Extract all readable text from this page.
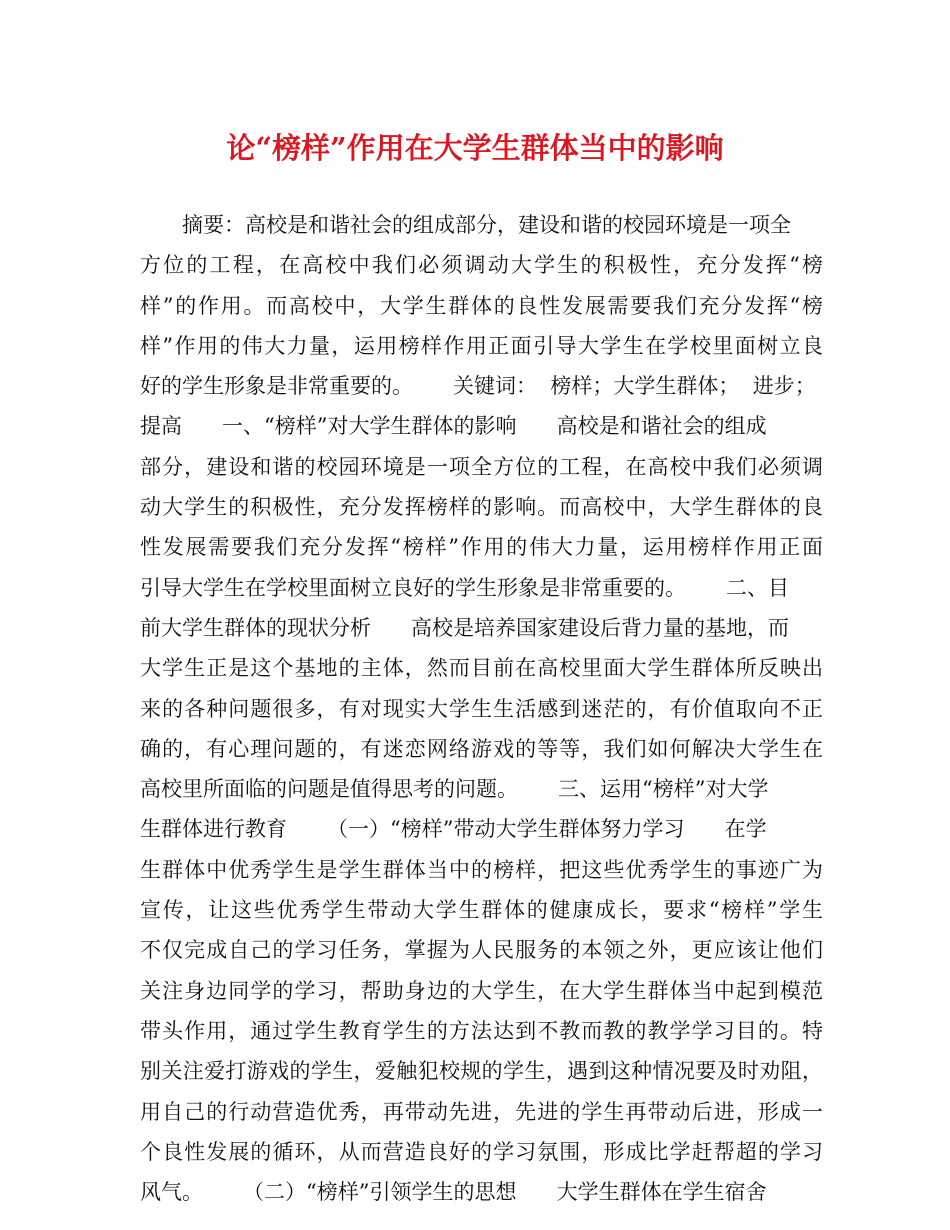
论“榜样”作用在大学生群体当中的影响
摘要：高校是和谐社会的组成部分，建设和谐的校园环境是一项全
方位的工程，在高校中我们必须调动大学生的积极性，充分发挥“榜
样”的作用。而高校中，大学生群体的良性发展需要我们充分发挥“榜
样”作用的伟大力量，运用榜样作用正面引导大学生在学校里面树立良
好的学生形象是非常重要的。      关键词：  榜样；大学生群体；  进步；
提高      一、“榜样”对大学生群体的影响      高校是和谐社会的组成
部分，建设和谐的校园环境是一项全方位的工程，在高校中我们必须调
动大学生的积极性，充分发挥榜样的影响。而高校中，大学生群体的良
性发展需要我们充分发挥“榜样”作用的伟大力量，运用榜样作用正面
引导大学生在学校里面树立良好的学生形象是非常重要的。      二、目
前大学生群体的现状分析      高校是培养国家建设后背力量的基地，而
大学生正是这个基地的主体，然而目前在高校里面大学生群体所反映出
来的各种问题很多，有对现实大学生生活感到迷茫的，有价值取向不正
确的，有心理问题的，有迷恋网络游戏的等等，我们如何解决大学生在
高校里所面临的问题是值得思考的问题。      三、运用“榜样”对大学
生群体进行教育      （一）“榜样”带动大学生群体努力学习      在学
生群体中优秀学生是学生群体当中的榜样，把这些优秀学生的事迹广为
宣传，让这些优秀学生带动大学生群体的健康成长，要求“榜样”学生
不仅完成自己的学习任务，掌握为人民服务的本领之外，更应该让他们
关注身边同学的学习，帮助身边的大学生，在大学生群体当中起到模范
带头作用，通过学生教育学生的方法达到不教而教的教学学习目的。特
别关注爱打游戏的学生，爱触犯校规的学生，遇到这种情况要及时劝阻，
用自己的行动营造优秀，再带动先进，先进的学生再带动后进，形成一
个良性发展的循环，从而营造良好的学习氛围，形成比学赶帮超的学习
风气。      （二）“榜样”引领学生的思想      大学生群体在学生宿舍
